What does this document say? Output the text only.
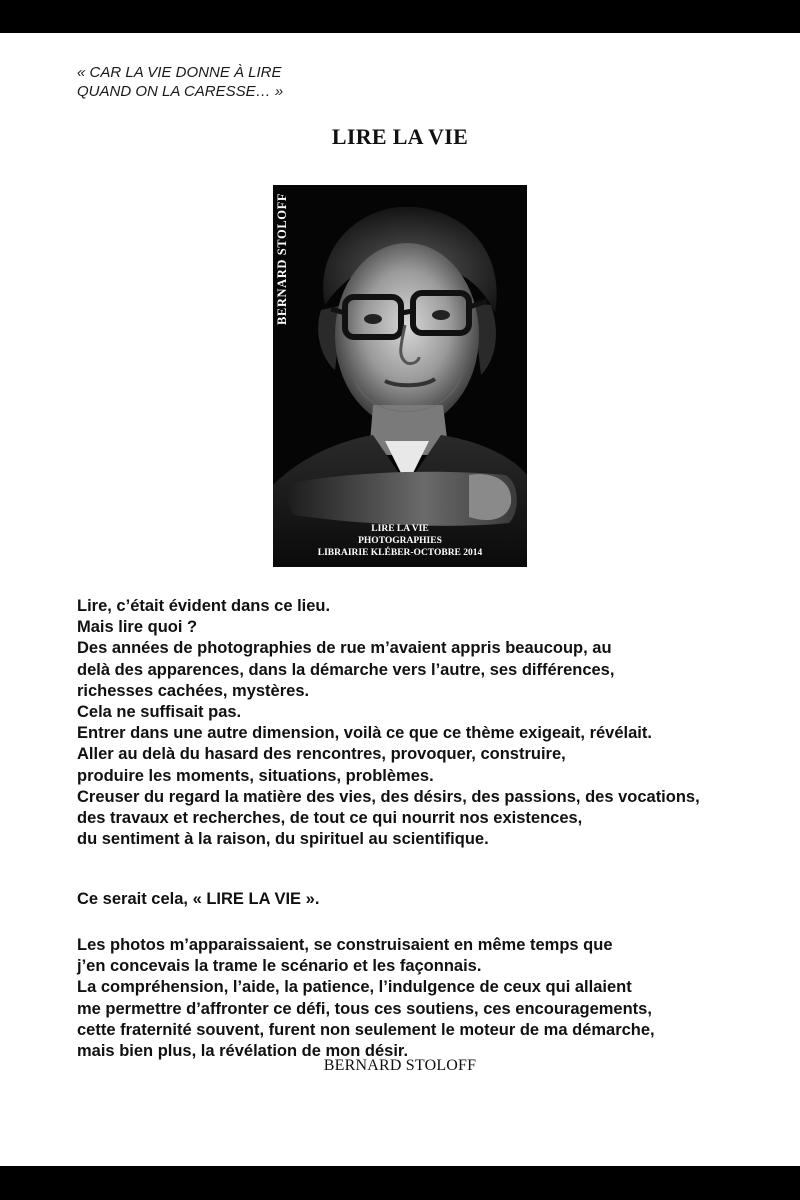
« CAR LA VIE DONNE À LIRE
QUAND ON LA CARESSE… »
LIRE LA VIE
BERNARD STOLOFF
LIRE LA VIE
PHOTOGRAPHIES
LIBRAIRIE KLÉBER-OCTOBRE 2014
Lire, c’était évident dans ce lieu.
Mais lire quoi ?
Des années de photographies de rue m’avaient appris beaucoup, au
delà des apparences, dans la démarche vers l’autre, ses différences,
richesses cachées, mystères.
Cela ne suffisait pas.
Entrer dans une autre dimension, voilà ce que ce thème exigeait, révélait.
Aller au delà du hasard des rencontres, provoquer, construire,
produire les moments, situations, problèmes.
Creuser du regard la matière des vies, des désirs, des passions, des vocations,
des travaux et recherches, de tout ce qui nourrit nos existences,
du sentiment à la raison, du spirituel au scientifique.
Ce serait cela, « LIRE LA VIE ».
Les photos m’apparaissaient, se construisaient en même temps que
j’en concevais la trame le scénario et les façonnais.
La compréhension, l’aide, la patience, l’indulgence de ceux qui allaient
me permettre d’affronter ce défi, tous ces soutiens, ces encouragements,
cette fraternité souvent, furent non seulement le moteur de ma démarche,
mais bien plus, la révélation de mon désir.

BERNARD STOLOFF
